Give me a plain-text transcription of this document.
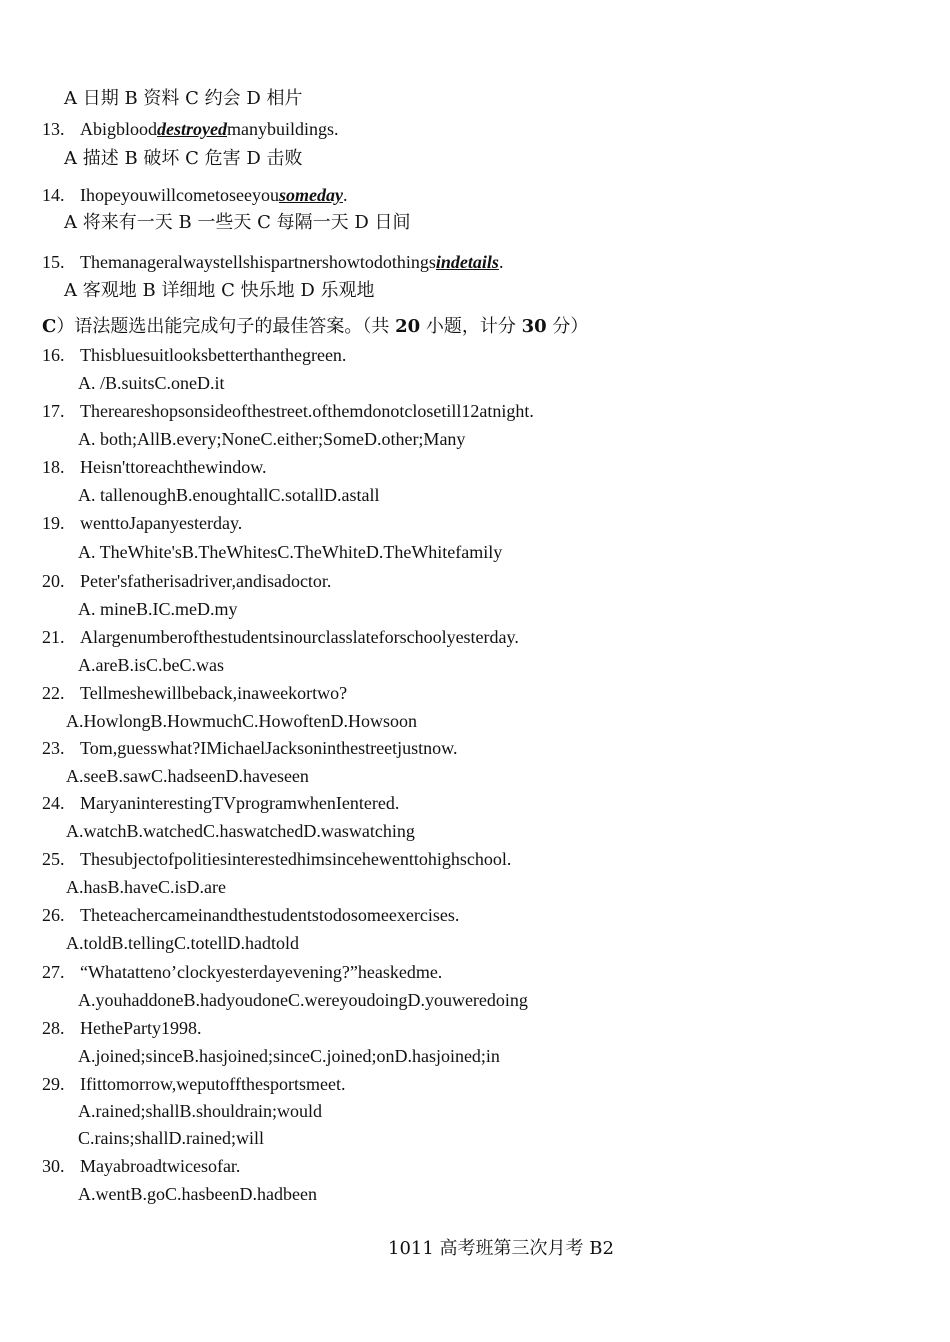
A 日期 B 资料 C 约会 D 相片
13. Abigblooddestroyedmanybuildings.
A 描述 B 破坏 C 危害 D 击败
14. Ihopeyouwillcometoseeyousomeday.
A 将来有一天 B 一些天 C 每隔一天 D 日间
15. Themanageralwaystellshispartnershowtodothingsindetails.
A 客观地 B 详细地 C 快乐地 D 乐观地
C）语法题选出能完成句子的最佳答案。（共 20 小题，计分 30 分）
16. Thisbluesuitlooksbetterthanthegreen.
A. /B.suitsC.oneD.it
17. Thereareshopsonsideofthestreet.ofthemdonotclosetill12atnight.
A. both;AllB.every;NoneC.either;SomeD.other;Many
18. Heisn'ttoreachthewindow.
A. tallenoughB.enoughtallC.sotallD.astall
19. wenttoJapanyesterday.
A. TheWhite'sB.TheWhitesC.TheWhiteD.TheWhitefamily
20. Peter'sfatherisadriver,andisadoctor.
A. mineB.IC.meD.my
21. Alargenumberofthestudentsinourclasslateforschoolyesterday.
A.areB.isC.beC.was
22. Tellmeshewillbeback,inaweekortwo?
A.HowlongB.HowmuchC.HowoftenD.Howsoon
23. Tom,guesswhat?IMichaelJacksoninthestreetjustnow.
A.seeB.sawC.hadseenD.haveseen
24. MaryaninterestingTVprogramwhenIentered.
A.watchB.watchedC.haswatchedD.waswatching
25. Thesubjectofpolitiesinterestedhimsincehewenttohighschool.
A.hasB.haveC.isD.are
26. Theteachercameinandthestudentstodosomeexercises.
A.toldB.tellingC.totellD.hadtold
27. “Whatatteno’clockyesterdayevening?”heaskedme.
A.youhaddoneB.hadyoudoneC.wereyoudoingD.youweredoing
28. HetheParty1998.
A.joined;sinceB.hasjoined;sinceC.joined;onD.hasjoined;in
29. Ifittomorrow,weputoffthesportsmeet.
A.rained;shallB.shouldrain;would
C.rains;shallD.rained;will
30. Mayabroadtwicesofar.
A.wentB.goC.hasbeenD.hadbeen
1011 高考班第三次月考 B2
